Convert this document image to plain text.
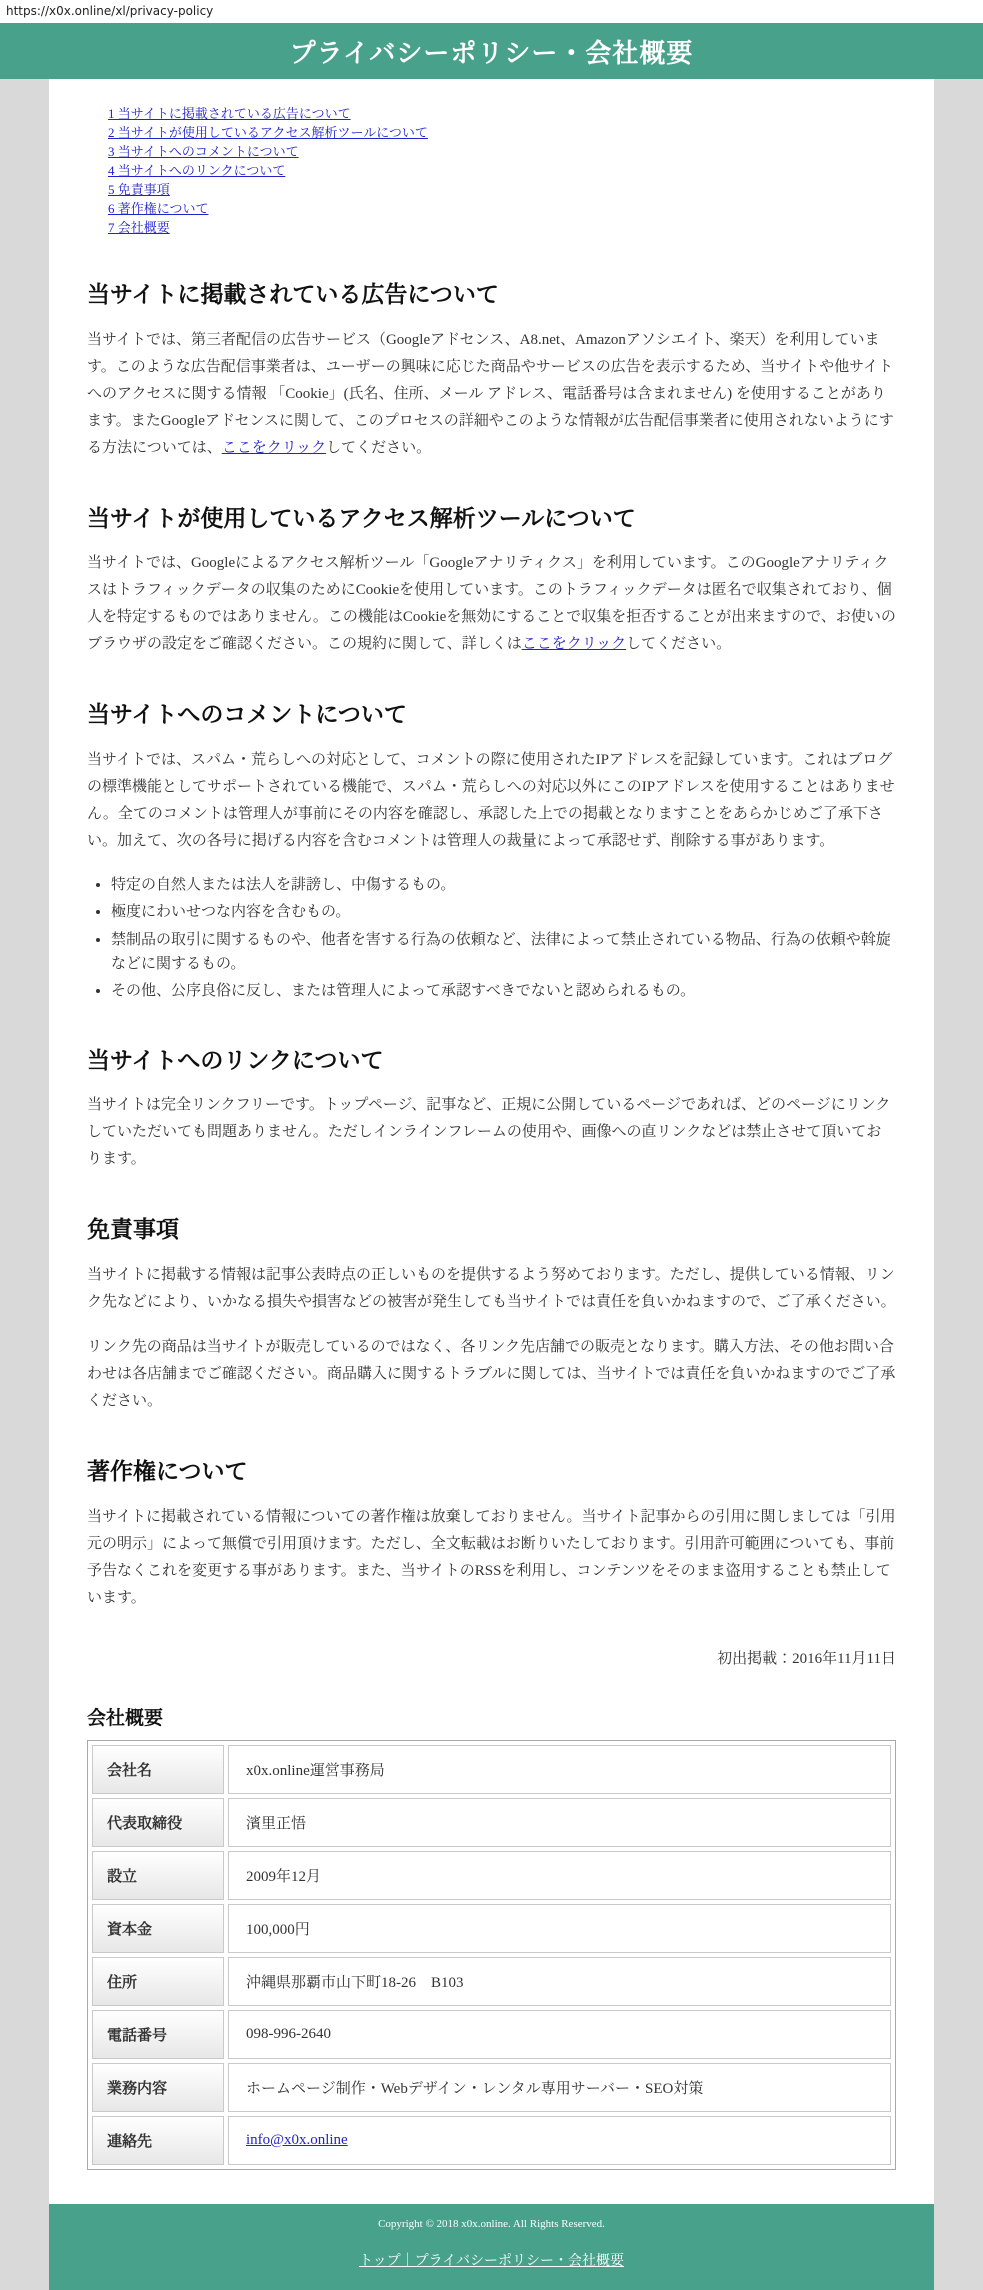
https://x0x.online/xl/privacy-policy
プライバシーポリシー・会社概要
1 当サイトに掲載されている広告について
2 当サイトが使用しているアクセス解析ツールについて
3 当サイトへのコメントについて
4 当サイトへのリンクについて
5 免責事項
6 著作権について
7 会社概要
当サイトに掲載されている広告について

当サイトでは、第三者配信の広告サービス（Googleアドセンス、A8.net、Amazonアソシエイト、楽天）を利用しています。このような広告配信事業者は、ユーザーの興味に応じた商品やサービスの広告を表示するため、当サイトや他サイトへのアクセスに関する情報 「Cookie」(氏名、住所、メール アドレス、電話番号は含まれません) を使用することがあります。またGoogleアドセンスに関して、このプロセスの詳細やこのような情報が広告配信事業者に使用されないようにする方法については、ここをクリックしてください。

当サイトが使用しているアクセス解析ツールについて

当サイトでは、Googleによるアクセス解析ツール「Googleアナリティクス」を利用しています。このGoogleアナリティクスはトラフィックデータの収集のためにCookieを使用しています。このトラフィックデータは匿名で収集されており、個人を特定するものではありません。この機能はCookieを無効にすることで収集を拒否することが出来ますので、お使いのブラウザの設定をご確認ください。この規約に関して、詳しくはここをクリックしてください。

当サイトへのコメントについて

当サイトでは、スパム・荒らしへの対応として、コメントの際に使用されたIPアドレスを記録しています。これはブログの標準機能としてサポートされている機能で、スパム・荒らしへの対応以外にこのIPアドレスを使用することはありません。全てのコメントは管理人が事前にその内容を確認し、承認した上での掲載となりますことをあらかじめご了承下さい。加えて、次の各号に掲げる内容を含むコメントは管理人の裁量によって承認せず、削除する事があります。

• 特定の自然人または法人を誹謗し、中傷するもの。
• 極度にわいせつな内容を含むもの。
• 禁制品の取引に関するものや、他者を害する行為の依頼など、法律によって禁止されている物品、行為の依頼や斡旋などに関するもの。
• その他、公序良俗に反し、または管理人によって承認すべきでないと認められるもの。
当サイトへのリンクについて

当サイトは完全リンクフリーです。トップページ、記事など、正規に公開しているページであれば、どのページにリンクしていただいても問題ありません。ただしインラインフレームの使用や、画像への直リンクなどは禁止させて頂いております。

免責事項

当サイトに掲載する情報は記事公表時点の正しいものを提供するよう努めております。ただし、提供している情報、リンク先などにより、いかなる損失や損害などの被害が発生しても当サイトでは責任を負いかねますので、ご了承ください。

リンク先の商品は当サイトが販売しているのではなく、各リンク先店舗での販売となります。購入方法、その他お問い合わせは各店舗までご確認ください。商品購入に関するトラブルに関しては、当サイトでは責任を負いかねますのでご了承ください。

著作権について

当サイトに掲載されている情報についての著作権は放棄しておりません。当サイト記事からの引用に関しましては「引用元の明示」によって無償で引用頂けます。ただし、全文転載はお断りいたしております。引用許可範囲についても、事前予告なくこれを変更する事があります。また、当サイトのRSSを利用し、コンテンツをそのまま盗用することも禁止しています。

初出掲載：2016年11月11日

会社概要
会社名	x0x.online運営事務局
代表取締役	濱里正悟
設立	2009年12月
資本金	100,000円
住所	沖縄県那覇市山下町18-26　B103
電話番号	098-996-2640
業務内容	ホームページ制作・Webデザイン・レンタル専用サーバー・SEO対策
連絡先	info@x0x.online
Copyright © 2018 x0x.online. All Rights Reserved.
トップ｜プライバシーポリシー・会社概要
